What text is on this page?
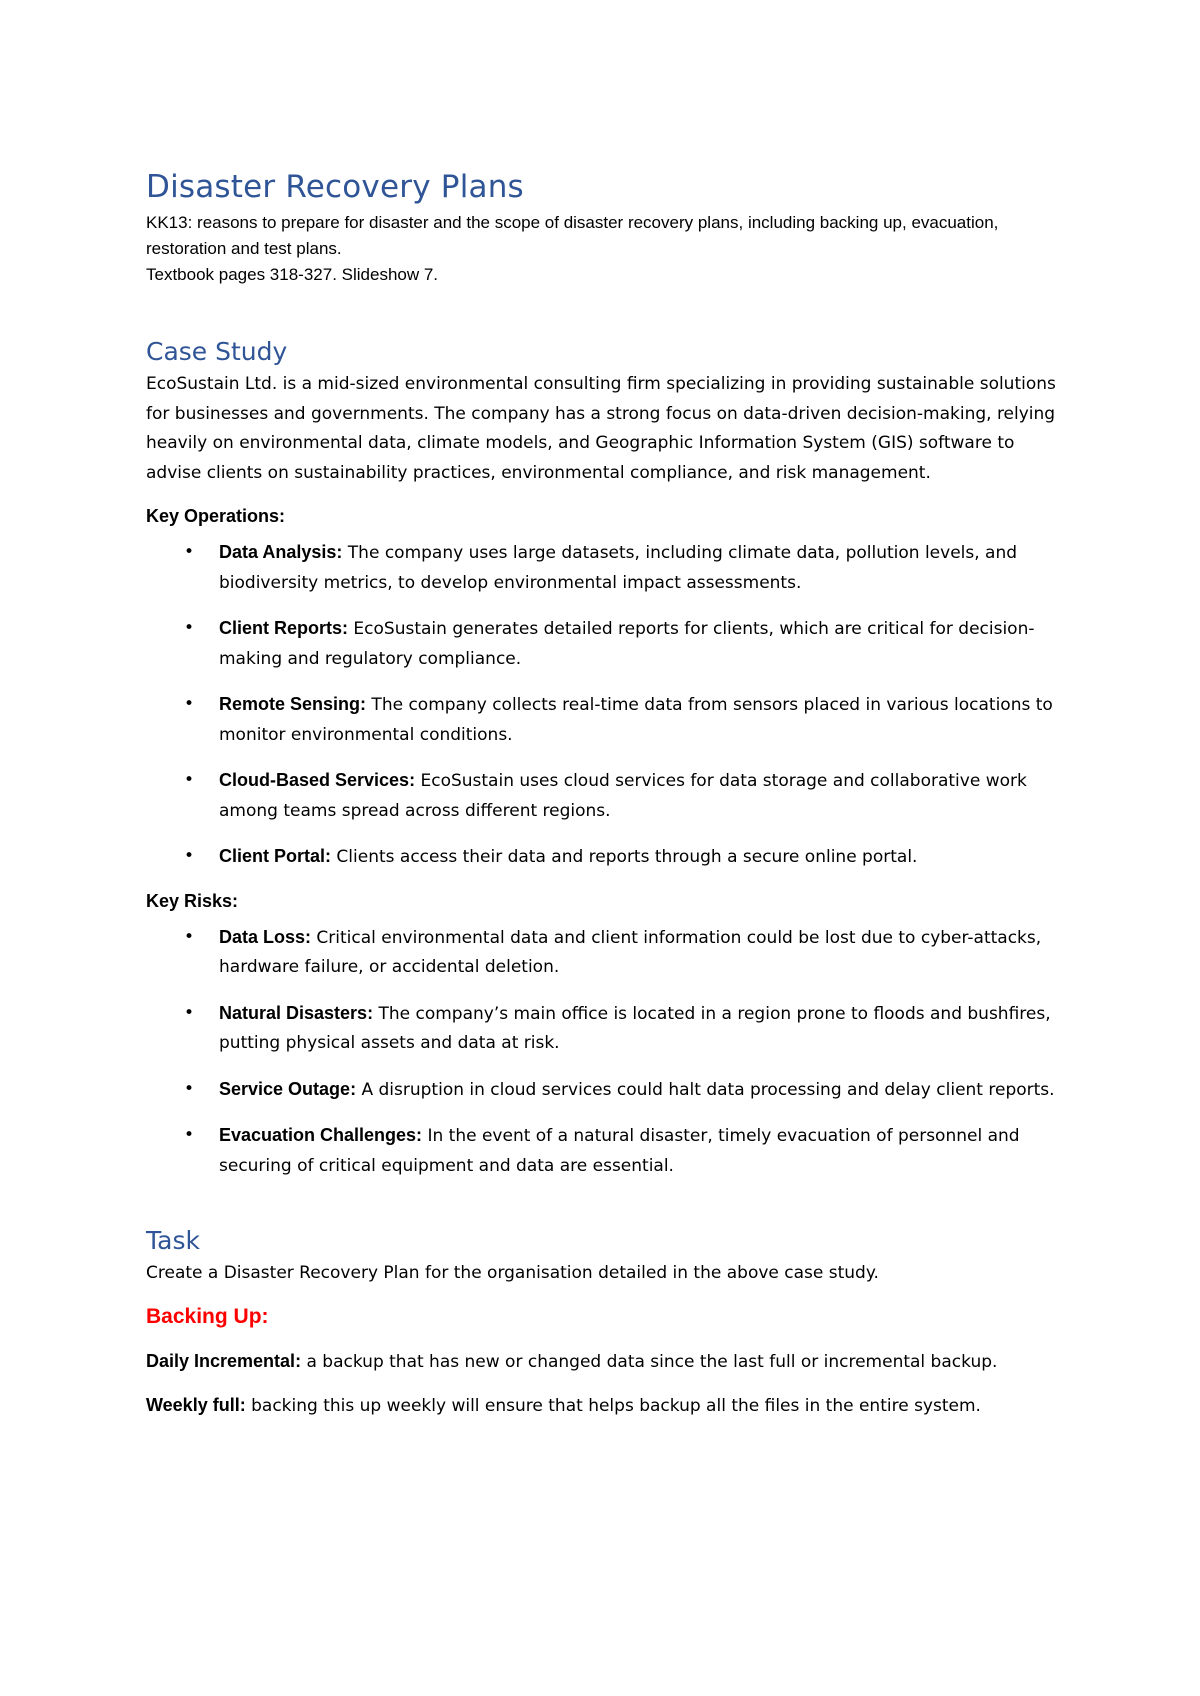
Disaster Recovery Plans

KK13: reasons to prepare for disaster and the scope of disaster recovery plans, including backing up, evacuation, restoration and test plans.
Textbook pages 318-327. Slideshow 7.

Case Study

EcoSustain Ltd. is a mid-sized environmental consulting firm specializing in providing sustainable solutions for businesses and governments. The company has a strong focus on data-driven decision-making, relying heavily on environmental data, climate models, and Geographic Information System (GIS) software to advise clients on sustainability practices, environmental compliance, and risk management.

Key Operations:

• Data Analysis: The company uses large datasets, including climate data, pollution levels, and biodiversity metrics, to develop environmental impact assessments.
• Client Reports: EcoSustain generates detailed reports for clients, which are critical for decision-making and regulatory compliance.
• Remote Sensing: The company collects real-time data from sensors placed in various locations to monitor environmental conditions.
• Cloud-Based Services: EcoSustain uses cloud services for data storage and collaborative work among teams spread across different regions.
• Client Portal: Clients access their data and reports through a secure online portal.

Key Risks:

• Data Loss: Critical environmental data and client information could be lost due to cyber-attacks, hardware failure, or accidental deletion.
• Natural Disasters: The company’s main office is located in a region prone to floods and bushfires, putting physical assets and data at risk.
• Service Outage: A disruption in cloud services could halt data processing and delay client reports.
• Evacuation Challenges: In the event of a natural disaster, timely evacuation of personnel and securing of critical equipment and data are essential.
Task

Create a Disaster Recovery Plan for the organisation detailed in the above case study.

Backing Up:

Daily Incremental: a backup that has new or changed data since the last full or incremental backup.

Weekly full: backing this up weekly will ensure that helps backup all the files in the entire system.
